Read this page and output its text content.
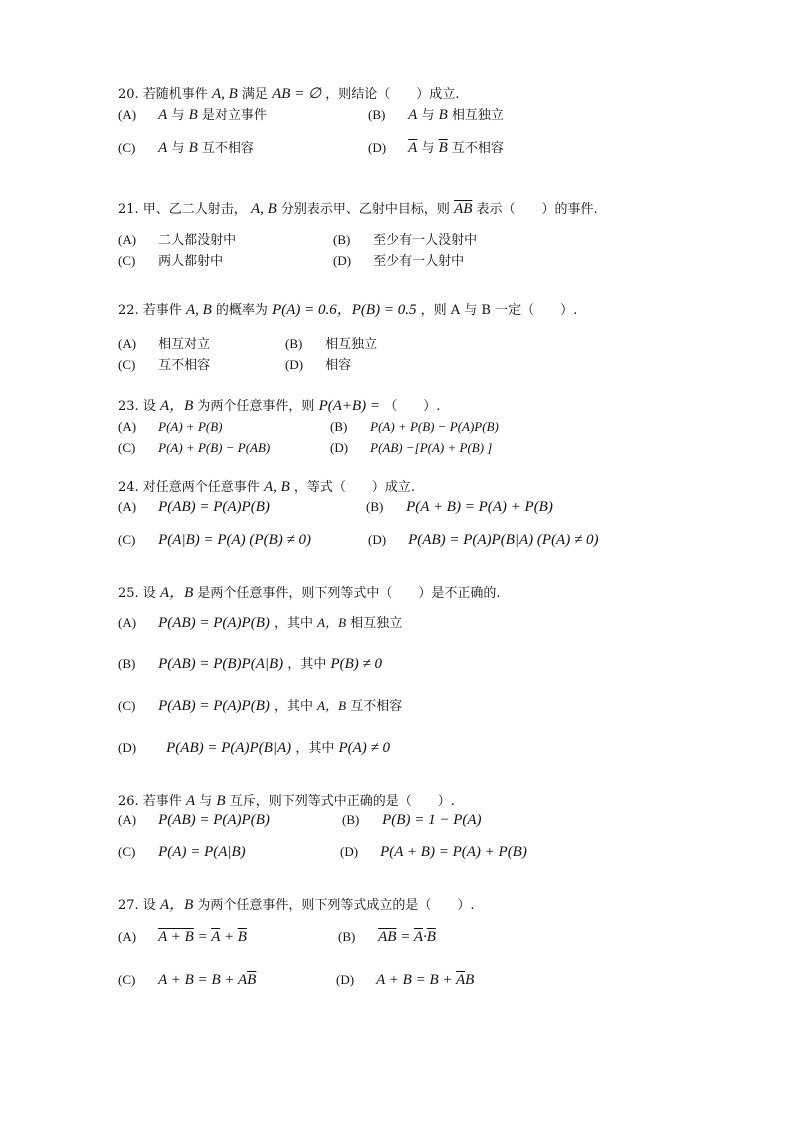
20. 若随机事件 A, B 满足 AB = ∅ ，则结论（　　）成立.
(A) A 与 B 是对立事件	(B) A 与 B 相互独立
(C) A 与 B 互不相容	(D) $\overline{A}$ 与 $\overline{B}$ 互不相容
21. 甲、乙二人射击， A, B 分别表示甲、乙射中目标，则 $\overline{AB}$ 表示（　　）的事件.
(A) 二人都没射中	(B) 至少有一人没射中
(C) 两人都射中	(D) 至少有一人射中
22. 若事件 A, B 的概率为 P(A) = 0.6，P(B) = 0.5 ，则 A 与 B 一定（　　）.
(A) 相互对立	(B) 相互独立
(C) 互不相容	(D) 相容
23. 设 A，B 为两个任意事件，则 P(A+B) = （　　）.
(A) P(A) + P(B)	(B) P(A) + P(B) − P(A)P(B)
(C) P(A) + P(B) − P(AB)	(D) P(AB) −[P(A) + P(B) ]
24. 对任意两个任意事件 A, B ，等式（　　）成立.
(A) P(AB) = P(A)P(B)	(B) P(A + B) = P(A) + P(B)
(C) P(A|B) = P(A) (P(B) ≠ 0)	(D) P(AB) = P(A)P(B|A) (P(A) ≠ 0)
25. 设 A，B 是两个任意事件，则下列等式中（　　）是不正确的.
(A) P(AB) = P(A)P(B) ，其中 A，B 相互独立
(B) P(AB) = P(B)P(A|B) ，其中 P(B) ≠ 0
(C) P(AB) = P(A)P(B) ，其中 A，B 互不相容
(D) P(AB) = P(A)P(B|A) ，其中 P(A) ≠ 0
26. 若事件 A 与 B 互斥，则下列等式中正确的是（　　）.
(A) P(AB) = P(A)P(B)	(B) P(B) = 1 − P(A)
(C) P(A) = P(A|B)	(D) P(A + B) = P(A) + P(B)
27. 设 A，B 为两个任意事件，则下列等式成立的是（　　）.
(A) $A + B = \overline{A} + \overline{B}$	(B) $\overline{AB} = \overline{A}\cdot\overline{B}$
(C) $A + B = B + A\overline{B}$	(D) $A + B = B + \overline{A}B$
